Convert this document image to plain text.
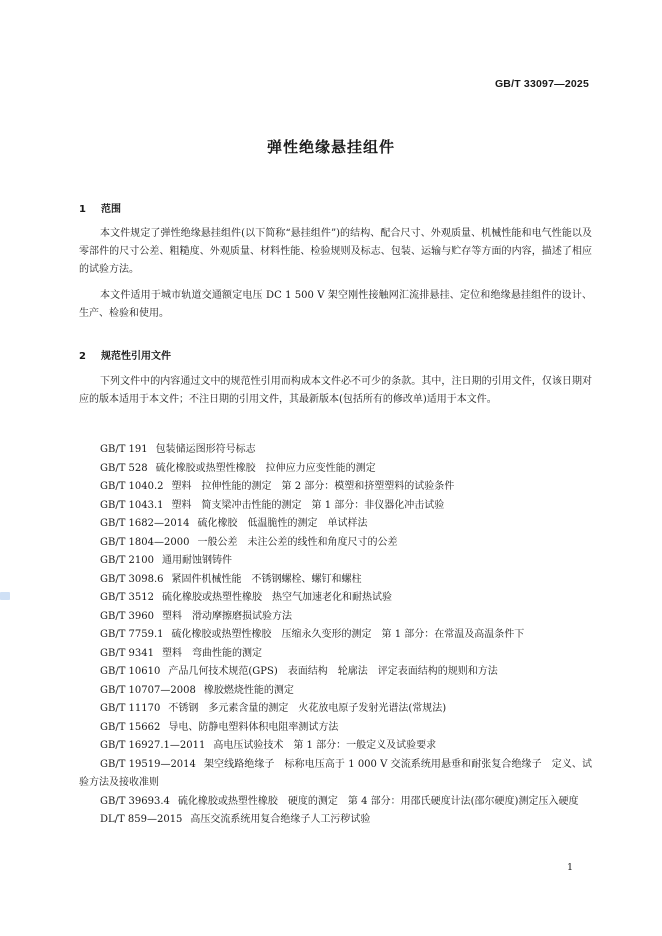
GB/T 33097—2025
弹性绝缘悬挂组件
1 范围

本文件规定了弹性绝缘悬挂组件(以下简称“悬挂组件”)的结构、配合尺寸、外观质量、机械性能和电气性能以及零部件的尺寸公差、粗糙度、外观质量、材料性能、检验规则及标志、包装、运输与贮存等方面的内容，描述了相应的试验方法。

本文件适用于城市轨道交通额定电压 DC 1 500 V 架空刚性接触网汇流排悬挂、定位和绝缘悬挂组件的设计、生产、检验和使用。

2 规范性引用文件

下列文件中的内容通过文中的规范性引用而构成本文件必不可少的条款。其中，注日期的引用文件，仅该日期对应的版本适用于本文件；不注日期的引用文件，其最新版本(包括所有的修改单)适用于本文件。

GB/T 191 包装储运图形符号标志
GB/T 528 硫化橡胶或热塑性橡胶　拉伸应力应变性能的测定
GB/T 1040.2 塑料　拉伸性能的测定　第 2 部分：模塑和挤塑塑料的试验条件
GB/T 1043.1 塑料　简支梁冲击性能的测定　第 1 部分：非仪器化冲击试验
GB/T 1682—2014 硫化橡胶　低温脆性的测定　单试样法
GB/T 1804—2000 一般公差　未注公差的线性和角度尺寸的公差
GB/T 2100 通用耐蚀钢铸件
GB/T 3098.6 紧固件机械性能　不锈钢螺栓、螺钉和螺柱
GB/T 3512 硫化橡胶或热塑性橡胶　热空气加速老化和耐热试验
GB/T 3960 塑料　滑动摩擦磨损试验方法
GB/T 7759.1 硫化橡胶或热塑性橡胶　压缩永久变形的测定　第 1 部分：在常温及高温条件下
GB/T 9341 塑料　弯曲性能的测定
GB/T 10610 产品几何技术规范(GPS)　表面结构　轮廓法　评定表面结构的规则和方法
GB/T 10707—2008 橡胶燃烧性能的测定
GB/T 11170 不锈钢　多元素含量的测定　火花放电原子发射光谱法(常规法)
GB/T 15662 导电、防静电塑料体积电阻率测试方法
GB/T 16927.1—2011 高电压试验技术　第 1 部分：一般定义及试验要求
GB/T 19519—2014 架空线路绝缘子　标称电压高于 1 000 V 交流系统用悬垂和耐张复合绝缘子　定义、试验方法及接收准则
GB/T 39693.4 硫化橡胶或热塑性橡胶　硬度的测定　第 4 部分：用邵氏硬度计法(邵尔硬度)测定压入硬度
DL/T 859—2015 高压交流系统用复合绝缘子人工污秽试验
1
